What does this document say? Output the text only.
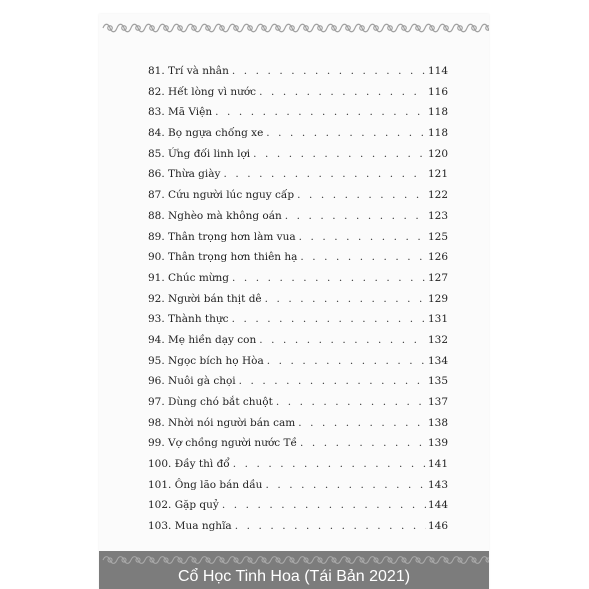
81. Trí và nhân . . .	114
82. Hết lòng vì nước . . .	116
83. Mã Viện . . .	118
84. Bọ ngựa chống xe . . .	118
85. Ứng đối linh lợi . . .	120
86. Thừa giày . . .	121
87. Cứu người lúc nguy cấp . . .	122
88. Nghèo mà không oán . . .	123
89. Thân trọng hơn làm vua . . .	125
90. Thân trọng hơn thiên hạ . . .	126
91. Chúc mừng . . .	127
92. Người bán thịt dê . . .	129
93. Thành thực . . .	131
94. Mẹ hiền dạy con . . .	132
95. Ngọc bích họ Hòa . . .	134
96. Nuôi gà chọi . . .	135
97. Dùng chó bắt chuột . . .	137
98. Nhời nói người bán cam . . .	138
99. Vợ chồng người nước Tề . . .	139
100. Đầy thì đổ . . .	141
101. Ông lão bán dầu . . .	143
102. Gặp quỷ . . .	144
103. Mua nghĩa . . .	146
Cổ Học Tinh Hoa (Tái Bản 2021)
